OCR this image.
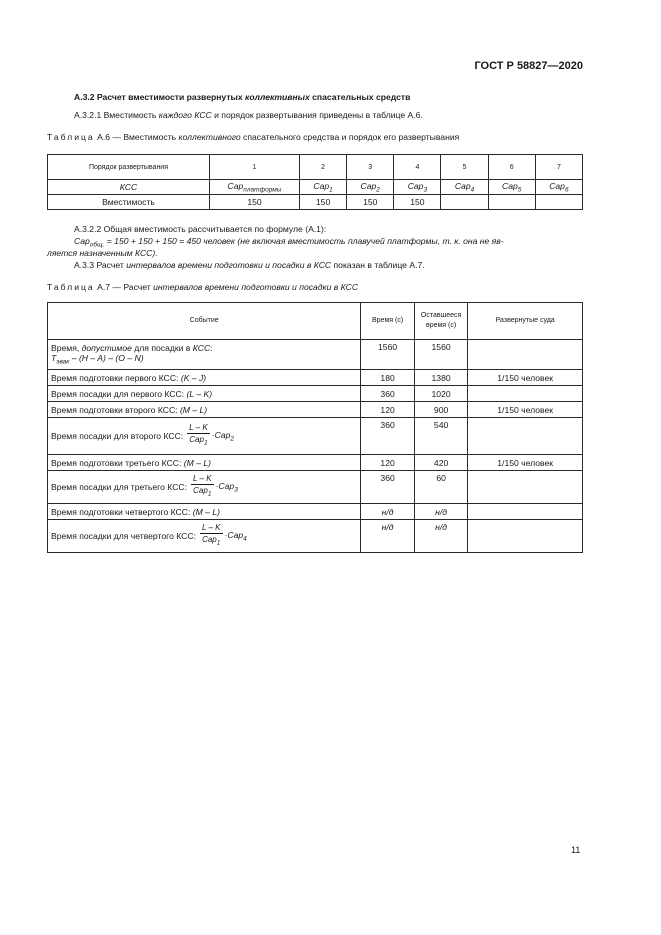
ГОСТ Р 58827—2020
А.3.2 Расчет вместимости развернутых коллективных спасательных средств
А.3.2.1 Вместимость каждого КСС и порядок развертывания приведены в таблице А.6.
Таблица А.6 — Вместимость коллективного спасательного средства и порядок его развертывания
Порядок развертывания	1	2	3	4	5	6	7
КСС	Cap$_{платформы}$	Cap$_1$	Cap$_2$	Cap$_3$	Cap$_4$	Cap$_5$	Cap$_6$
Вместимость	150	150	150	150			
А.3.2.2 Общая вместимость рассчитывается по формуле (А.1):
Cap$_{общ.}$ = 150 + 150 + 150 = 450 человек (не включая вместимость плавучей платформы, т. к. она не яв-
ляется назначенным КСС).
А.3.3 Расчет интервалов времени подготовки и посадки в КСС показан в таблице А.7.
Таблица А.7 — Расчет интервалов времени подготовки и посадки в КСС
Событие	Время (с)	Оставшееся время (с)	Развернутые суда

Время, допустимое для посадки в КСС:
$T_{эвак} - (H - A) - (O - N)$	1560	1560	
Время подготовки первого КСС: (K – J)	180	1380	1/150 человек
Время посадки для первого КСС: (L – K)	360	1020	
Время подготовки второго КСС: (M – L)	120	900	1/150 человек

Время посадки для второго КСС: $\frac{L - K}{Cap_1} \cdot Cap_2$	360	540	
Время подготовки третьего КСС: (M – L)	120	420	1/150 человек

Время посадки для третьего КСС: $\frac{L - K}{Cap_1} \cdot Cap_3$	360	60	
Время подготовки четвертого КСС: (M – L)	н/д	н/д	

Время посадки для четвертого КСС: $\frac{L - K}{Cap_1} \cdot Cap_4$	н/д	н/д	
11
